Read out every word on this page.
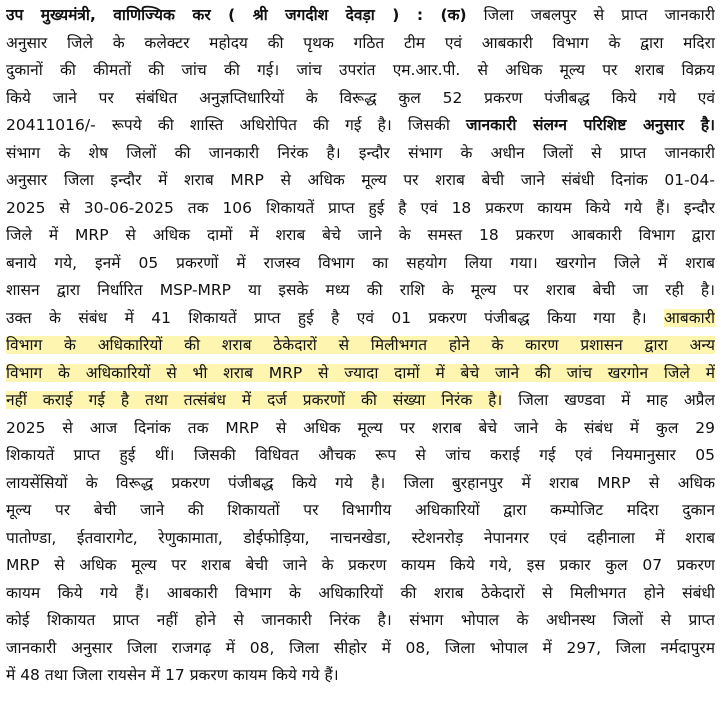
उप मुख्यमंत्री, वाणिज्यिक कर ( श्री जगदीश देवड़ा ) : (क) जिला जबलपुर से प्राप्त जानकारी
अनुसार जिले के कलेक्टर महोदय की पृथक गठित टीम एवं आबकारी विभाग के द्वारा मदिरा
दुकानों की कीमतों की जांच की गई। जांच उपरांत एम.आर.पी. से अधिक मूल्य पर शराब विक्रय
किये जाने पर संबंधित अनुज्ञप्तिधारियों के विरूद्ध कुल 52 प्रकरण पंजीबद्ध किये गये एवं
20411016/- रूपये की शास्ति अधिरोपित की गई है। जिसकी जानकारी संलग्न परिशिष्ट अनुसार है।
संभाग के शेष जिलों की जानकारी निरंक है। इन्दौर संभाग के अधीन जिलों से प्राप्त जानकारी
अनुसार जिला इन्दौर में शराब MRP से अधिक मूल्य पर शराब बेची जाने संबंधी दिनांक 01-04-
2025 से 30-06-2025 तक 106 शिकायतें प्राप्त हुई है एवं 18 प्रकरण कायम किये गये हैं। इन्दौर
जिले में MRP से अधिक दामों में शराब बेचे जाने के समस्त 18 प्रकरण आबकारी विभाग द्वारा
बनाये गये, इनमें 05 प्रकरणों में राजस्व विभाग का सहयोग लिया गया। खरगोन जिले में शराब
शासन द्वारा निर्धारित MSP-MRP या इसके मध्य की राशि के मूल्य पर शराब बेची जा रही है।
उक्त के संबंध में 41 शिकायतें प्राप्त हुई है एवं 01 प्रकरण पंजीबद्ध किया गया है। आबकारी
विभाग के अधिकारियों की शराब ठेकेदारों से मिलीभगत होने के कारण प्रशासन द्वारा अन्य
विभाग के अधिकारियों से भी शराब MRP से ज्यादा दामों में बेचे जाने की जांच खरगोन जिले में
नहीं कराई गई है तथा तत्संबंध में दर्ज प्रकरणों की संख्या निरंक है। जिला खण्डवा में माह अप्रैल
2025 से आज दिनांक तक MRP से अधिक मूल्य पर शराब बेचे जाने के संबंध में कुल 29
शिकायतें प्राप्त हुई थीं। जिसकी विधिवत औचक रूप से जांच कराई गई एवं नियमानुसार 05
लायसेंसियों के विरूद्ध प्रकरण पंजीबद्ध किये गये है। जिला बुरहानपुर में शराब MRP से अधिक
मूल्य पर बेची जाने की शिकायतों पर विभागीय अधिकारियों द्वारा कम्पोजिट मदिरा दुकान
पातोण्डा, ईतवारागेट, रेणुकामाता, डोईफोड़िया, नाचनखेडा, स्टेशनरोड़ नेपानगर एवं दहीनाला में शराब
MRP से अधिक मूल्य पर शराब बेची जाने के प्रकरण कायम किये गये, इस प्रकार कुल 07 प्रकरण
कायम किये गये हैं। आबकारी विभाग के अधिकारियों की शराब ठेकेदारों से मिलीभगत होने संबंधी
कोई शिकायत प्राप्त नहीं होने से जानकारी निरंक है। संभाग भोपाल के अधीनस्थ जिलों से प्राप्त
जानकारी अनुसार जिला राजगढ़ में 08, जिला सीहोर में 08, जिला भोपाल में 297, जिला नर्मदापुरम
में 48 तथा जिला रायसेन में 17 प्रकरण कायम किये गये हैं।
